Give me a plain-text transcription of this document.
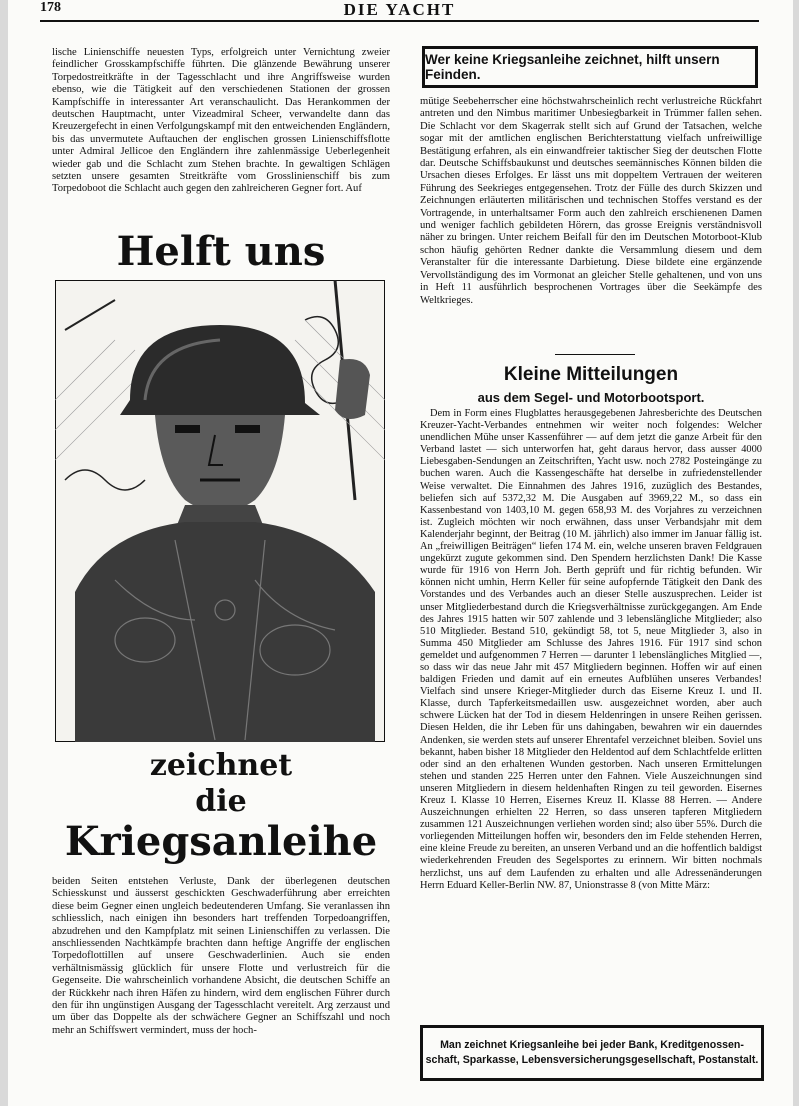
178	DIE YACHT

lische Linienschiffe neuesten Typs, erfolgreich unter Vernichtung zweier feindlicher Grosskampfschiffe führten. Die glänzende Bewährung unserer Torpedostreitkräfte in der Tagesschlacht und ihre Angriffsweise wurden ebenso, wie die Tätigkeit auf den verschiedenen Stationen der grossen Kampfschiffe in interessanter Art veranschaulicht. Das Herankommen der deutschen Hauptmacht, unter Vizeadmiral Scheer, verwandelte dann das Kreuzergefecht in einen Verfolgungskampf mit den entweichenden Engländern, bis das unvermutete Auftauchen der englischen grossen Linienschiffsflotte unter Admiral Jellicoe den Engländern ihre zahlenmässige Ueberlegenheit wieder gab und die Schlacht zum Stehen brachte. In gewaltigen Schlägen setzten unsere gesamten Streitkräfte vom Grosslinienschiff bis zum Torpedoboot die Schlacht auch gegen den zahlreicheren Gegner fort. Auf

Helft uns
zeichnet
die
Kriegsanleihe

beiden Seiten entstehen Verluste, Dank der überlegenen deutschen Schiesskunst und äusserst geschickten Geschwaderführung aber erreichten diese beim Gegner einen ungleich bedeutenderen Umfang. Sie veranlassen ihn schliesslich, nach einigen ihn besonders hart treffenden Torpedoangriffen, abzudrehen und den Kampfplatz mit seinen Linienschiffen zu verlassen. Die anschliessenden Nachtkämpfe brachten dann heftige Angriffe der englischen Torpedoflottillen auf unsere Geschwaderlinien. Auch sie enden verhältnismässig glücklich für unsere Flotte und verlustreich für die Gegenseite. Die wahrscheinlich vorhandene Absicht, die deutschen Schiffe an der Rückkehr nach ihren Häfen zu hindern, wird dem englischen Führer durch den für ihn ungünstigen Ausgang der Tagesschlacht vereitelt. Arg zerzaust und um über das Doppelte als der schwächere Gegner an Schiffszahl und noch mehr an Schiffswert vermindert, muss der hoch-

Wer keine Kriegsanleihe zeichnet, hilft unsern Feinden.

mütige Seebeherrscher eine höchstwahrscheinlich recht verlustreiche Rückfahrt antreten und den Nimbus maritimer Unbesiegbarkeit in Trümmer fallen sehen. Die Schlacht vor dem Skagerrak stellt sich auf Grund der Tatsachen, welche sogar mit der amtlichen englischen Berichterstattung vielfach unfreiwillige Bestätigung erfahren, als ein einwandfreier taktischer Sieg der deutschen Flotte dar. Deutsche Schiffsbaukunst und deutsches seemännisches Können bilden die Ursachen dieses Erfolges. Er lässt uns mit doppeltem Vertrauen der weiteren Führung des Seekrieges entgegensehen. Trotz der Fülle des durch Skizzen und Zeichnungen erläuterten militärischen und technischen Stoffes verstand es der Vortragende, in unterhaltsamer Form auch den zahlreich erschienenen Damen und weniger fachlich gebildeten Hörern, das grosse Ereignis verständnisvoll näher zu bringen. Unter reichem Beifall für den im Deutschen Motorboot-Klub schon häufig gehörten Redner dankte die Versammlung diesem und dem Veranstalter für die interessante Darbietung. Diese bildete eine ergänzende Vervollständigung des im Vormonat an gleicher Stelle gehaltenen, und von uns in Heft 11 ausführlich besprochenen Vortrages über die Seekämpfe des Weltkrieges.

Kleine Mitteilungen
aus dem Segel- und Motorbootsport.

Dem in Form eines Flugblattes herausgegebenen Jahresberichte des Deutschen Kreuzer-Yacht-Verbandes entnehmen wir weiter noch folgendes: Welcher unendlichen Mühe unser Kassenführer — auf dem jetzt die ganze Arbeit für den Verband lastet — sich unterworfen hat, geht daraus hervor, dass ausser 4000 Liebesgaben-Sendungen an Zeitschriften, Yacht usw. noch 2782 Posteingänge zu buchen waren. Auch die Kassengeschäfte hat derselbe in zufriedenstellender Weise verwaltet. Die Einnahmen des Jahres 1916, zuzüglich des Bestandes, beliefen sich auf 5372,32 M. Die Ausgaben auf 3969,22 M., so dass ein Kassenbestand von 1403,10 M. gegen 658,93 M. des Vorjahres zu verzeichnen ist. Zugleich möchten wir noch erwähnen, dass unser Verbandsjahr mit dem Kalenderjahr beginnt, der Beitrag (10 M. jährlich) also immer im Januar fällig ist. An „freiwilligen Beiträgen“ liefen 174 M. ein, welche unseren braven Feldgrauen ungekürzt zugute gekommen sind. Den Spendern herzlichsten Dank! Die Kasse wurde für 1916 von Herrn Joh. Berth geprüft und für richtig befunden. Wir können nicht umhin, Herrn Keller für seine aufopfernde Tätigkeit den Dank des Vorstandes und des Verbandes auch an dieser Stelle auszusprechen. Leider ist unser Mitgliederbestand durch die Kriegsverhältnisse zurückgegangen. Am Ende des Jahres 1915 hatten wir 507 zahlende und 3 lebenslängliche Mitglieder; also 510 Mitglieder. Bestand 510, gekündigt 58, tot 5, neue Mitglieder 3, also in Summa 450 Mitglieder am Schlusse des Jahres 1916. Für 1917 sind schon gemeldet und aufgenommen 7 Herren — darunter 1 lebenslängliches Mitglied —, so dass wir das neue Jahr mit 457 Mitgliedern beginnen. Hoffen wir auf einen baldigen Frieden und damit auf ein erneutes Aufblühen unseres Verbandes! Vielfach sind unsere Krieger-Mitglieder durch das Eiserne Kreuz I. und II. Klasse, durch Tapferkeitsmedaillen usw. ausgezeichnet worden, aber auch schwere Lücken hat der Tod in diesem Heldenringen in unsere Reihen gerissen. Diesen Helden, die ihr Leben für uns dahingaben, bewahren wir ein dauerndes Andenken, sie werden stets auf unserer Ehrentafel verzeichnet bleiben. Soviel uns bekannt, haben bisher 18 Mitglieder den Heldentod auf dem Schlachtfelde erlitten oder sind an den erhaltenen Wunden gestorben. Nach unseren Ermittelungen stehen und standen 225 Herren unter den Fahnen. Viele Auszeichnungen sind unseren Mitgliedern in diesem heldenhaften Ringen zu teil geworden. Eisernes Kreuz I. Klasse 10 Herren, Eisernes Kreuz II. Klasse 88 Herren. — Andere Auszeichnungen erhielten 22 Herren, so dass unseren tapferen Mitgliedern zusammen 121 Auszeichnungen verliehen worden sind; also über 55%. Durch die vorliegenden Mitteilungen hoffen wir, besonders den im Felde stehenden Herren, eine kleine Freude zu bereiten, an unseren Verband und an die hoffentlich baldigst wiederkehrenden Freuden des Segelsportes zu erinnern. Wir bitten nochmals herzlichst, uns auf dem Laufenden zu erhalten und alle Adressenänderungen Herrn Eduard Keller-Berlin NW. 87, Unionstrasse 8 (von Mitte März:

Man zeichnet Kriegsanleihe bei jeder Bank, Kreditgenossen-
schaft, Sparkasse, Lebensversicherungsgesellschaft, Postanstalt.
